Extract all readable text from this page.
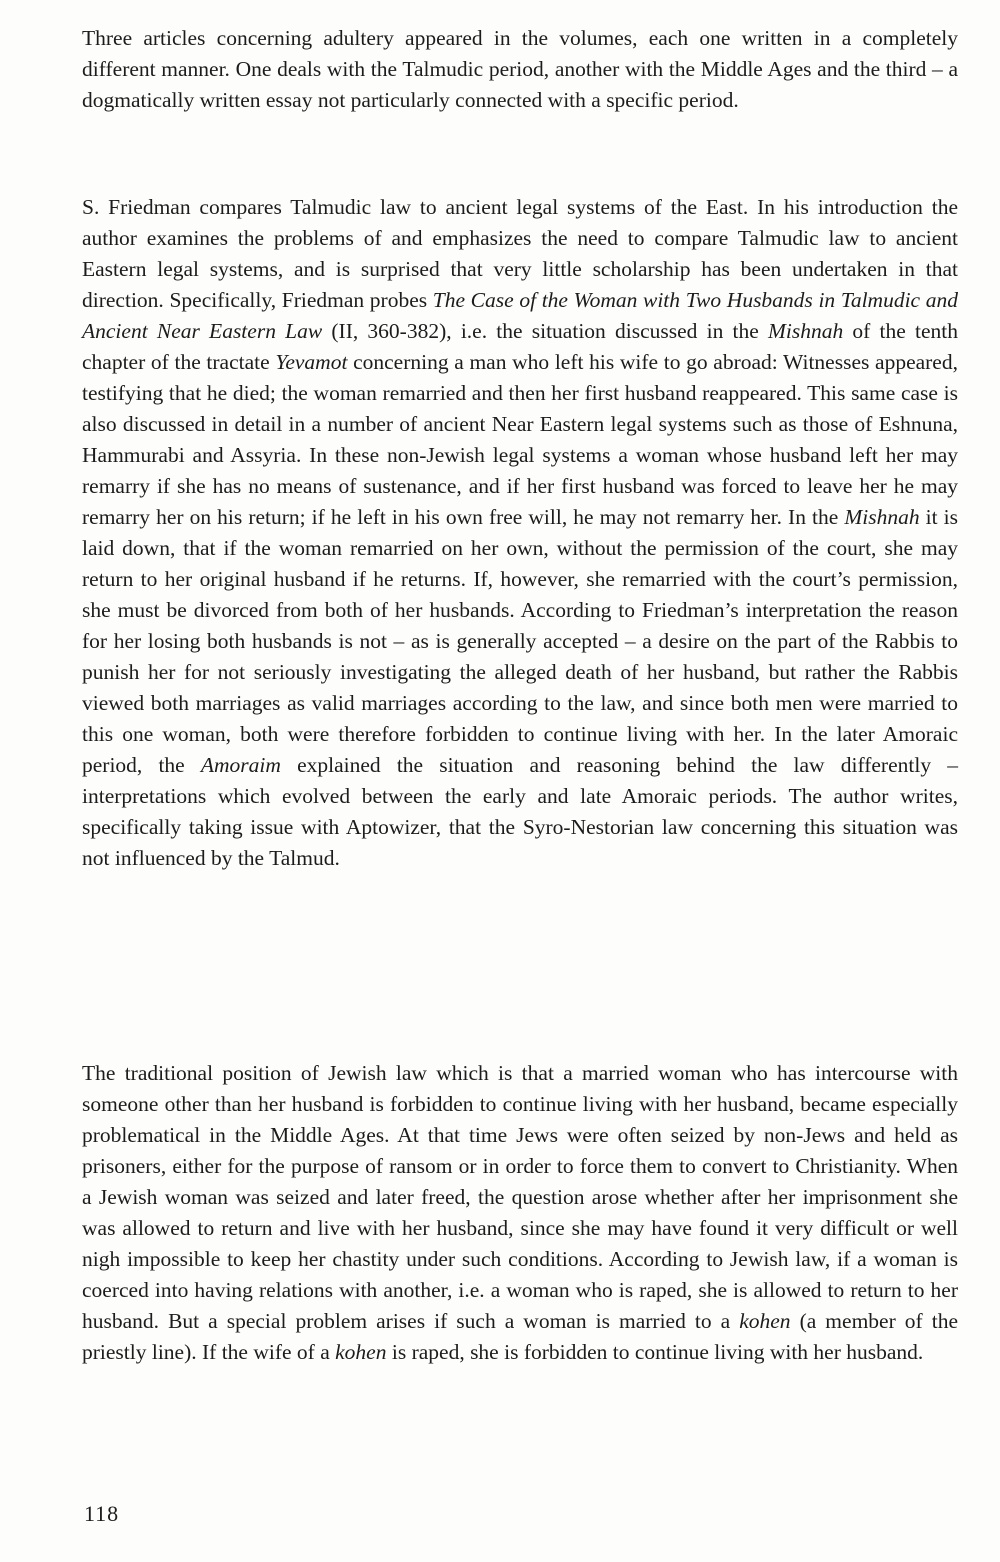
Three articles concerning adultery appeared in the volumes, each one written in a completely different manner. One deals with the Talmudic period, another with the Middle Ages and the third – a dogmatically written essay not particularly connected with a specific period.

S. Friedman compares Talmudic law to ancient legal systems of the East. In his introduction the author examines the problems of and emphasizes the need to compare Talmudic law to ancient Eastern legal systems, and is surprised that very little scholarship has been undertaken in that direction. Specifically, Friedman probes The Case of the Woman with Two Husbands in Talmudic and Ancient Near Eastern Law (II, 360-382), i.e. the situation discussed in the Mishnah of the tenth chapter of the tractate Yevamot concerning a man who left his wife to go abroad: Witnesses appeared, testifying that he died; the woman remarried and then her first husband reappeared. This same case is also discussed in detail in a number of ancient Near Eastern legal systems such as those of Eshnuna, Hammurabi and Assyria. In these non-Jewish legal systems a woman whose husband left her may remarry if she has no means of sustenance, and if her first husband was forced to leave her he may remarry her on his return; if he left in his own free will, he may not remarry her. In the Mishnah it is laid down, that if the woman remarried on her own, without the permission of the court, she may return to her original husband if he returns. If, however, she remarried with the court’s permission, she must be divorced from both of her husbands. According to Friedman’s interpretation the reason for her losing both husbands is not – as is generally accepted – a desire on the part of the Rabbis to punish her for not seriously investigating the alleged death of her husband, but rather the Rabbis viewed both marriages as valid marriages according to the law, and since both men were married to this one woman, both were therefore forbidden to continue living with her. In the later Amoraic period, the Amoraim explained the situation and reasoning behind the law differently – interpretations which evolved between the early and late Amoraic periods. The author writes, specifically taking issue with Aptowizer, that the Syro-Nestorian law concerning this situation was not influenced by the Talmud.

The traditional position of Jewish law which is that a married woman who has intercourse with someone other than her husband is forbidden to continue living with her husband, became especially problematical in the Middle Ages. At that time Jews were often seized by non-Jews and held as prisoners, either for the purpose of ransom or in order to force them to convert to Christianity. When a Jewish woman was seized and later freed, the question arose whether after her imprisonment she was allowed to return and live with her husband, since she may have found it very difficult or well nigh impossible to keep her chastity under such conditions. According to Jewish law, if a woman is coerced into having relations with another, i.e. a woman who is raped, she is allowed to return to her husband. But a special problem arises if such a woman is married to a kohen (a member of the priestly line). If the wife of a kohen is raped, she is forbidden to continue living with her husband.

118
